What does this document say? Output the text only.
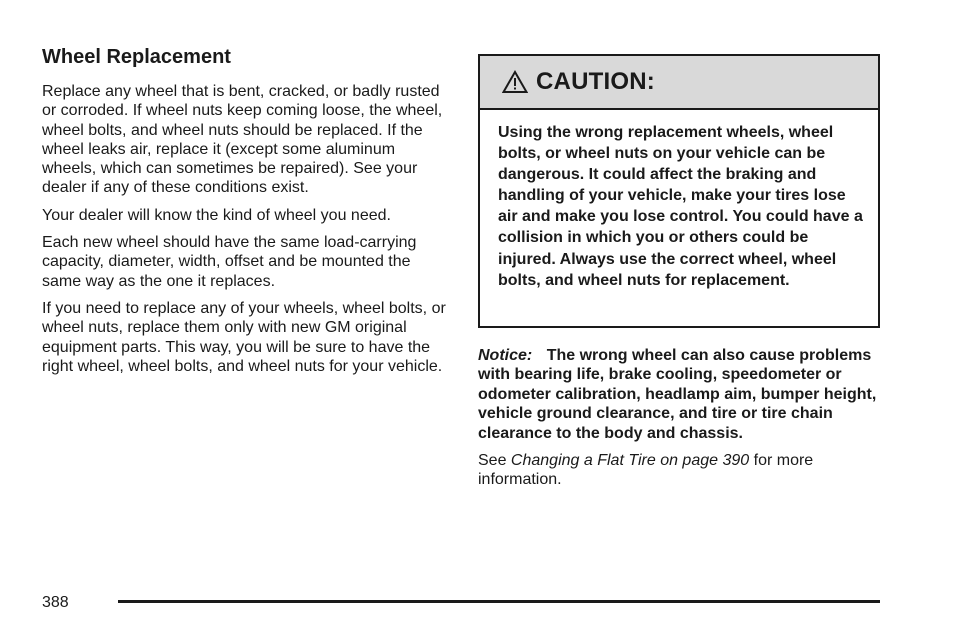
Wheel Replacement

Replace any wheel that is bent, cracked, or badly rusted or corroded. If wheel nuts keep coming loose, the wheel, wheel bolts, and wheel nuts should be replaced. If the wheel leaks air, replace it (except some aluminum wheels, which can sometimes be repaired). See your dealer if any of these conditions exist.

Your dealer will know the kind of wheel you need.

Each new wheel should have the same load-carrying capacity, diameter, width, offset and be mounted the same way as the one it replaces.

If you need to replace any of your wheels, wheel bolts, or wheel nuts, replace them only with new GM original equipment parts. This way, you will be sure to have the right wheel, wheel bolts, and wheel nuts for your vehicle.

CAUTION:
Using the wrong replacement wheels, wheel bolts, or wheel nuts on your vehicle can be dangerous. It could affect the braking and handling of your vehicle, make your tires lose air and make you lose control. You could have a collision in which you or others could be injured. Always use the correct wheel, wheel bolts, and wheel nuts for replacement.
Notice: The wrong wheel can also cause problems with bearing life, brake cooling, speedometer or odometer calibration, headlamp aim, bumper height, vehicle ground clearance, and tire or tire chain clearance to the body and chassis.
See Changing a Flat Tire on page 390 for more information.
388
